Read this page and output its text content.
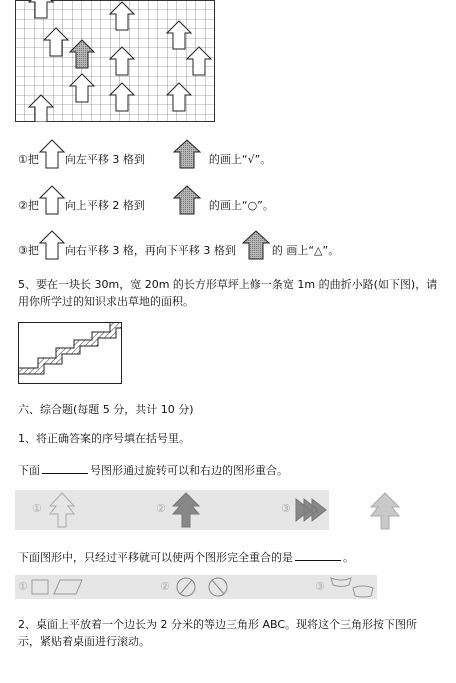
①把 向左平移 3 格到	的画上“√”。
②把 向上平移 2 格到	的画上“○”。
③把 向右平移 3 格，再向下平移 3 格到	的 画上“△”。
5、要在一块长 30m，宽 20m 的长方形草坪上修一条宽 1m 的曲折小路(如下图)，请用你所学过的知识求出草地的面积。
六、综合题(每题 5 分，共计 10 分)
1、将正确答案的序号填在括号里。
下面	号图形通过旋转可以和右边的图形重合。
①	②	③
下面图形中，只经过平移就可以使两个图形完全重合的是	。
①	②	③
2、桌面上平放着一个边长为 2 分米的等边三角形 ABC。现将这个三角形按下图所示，紧贴着桌面进行滚动。
